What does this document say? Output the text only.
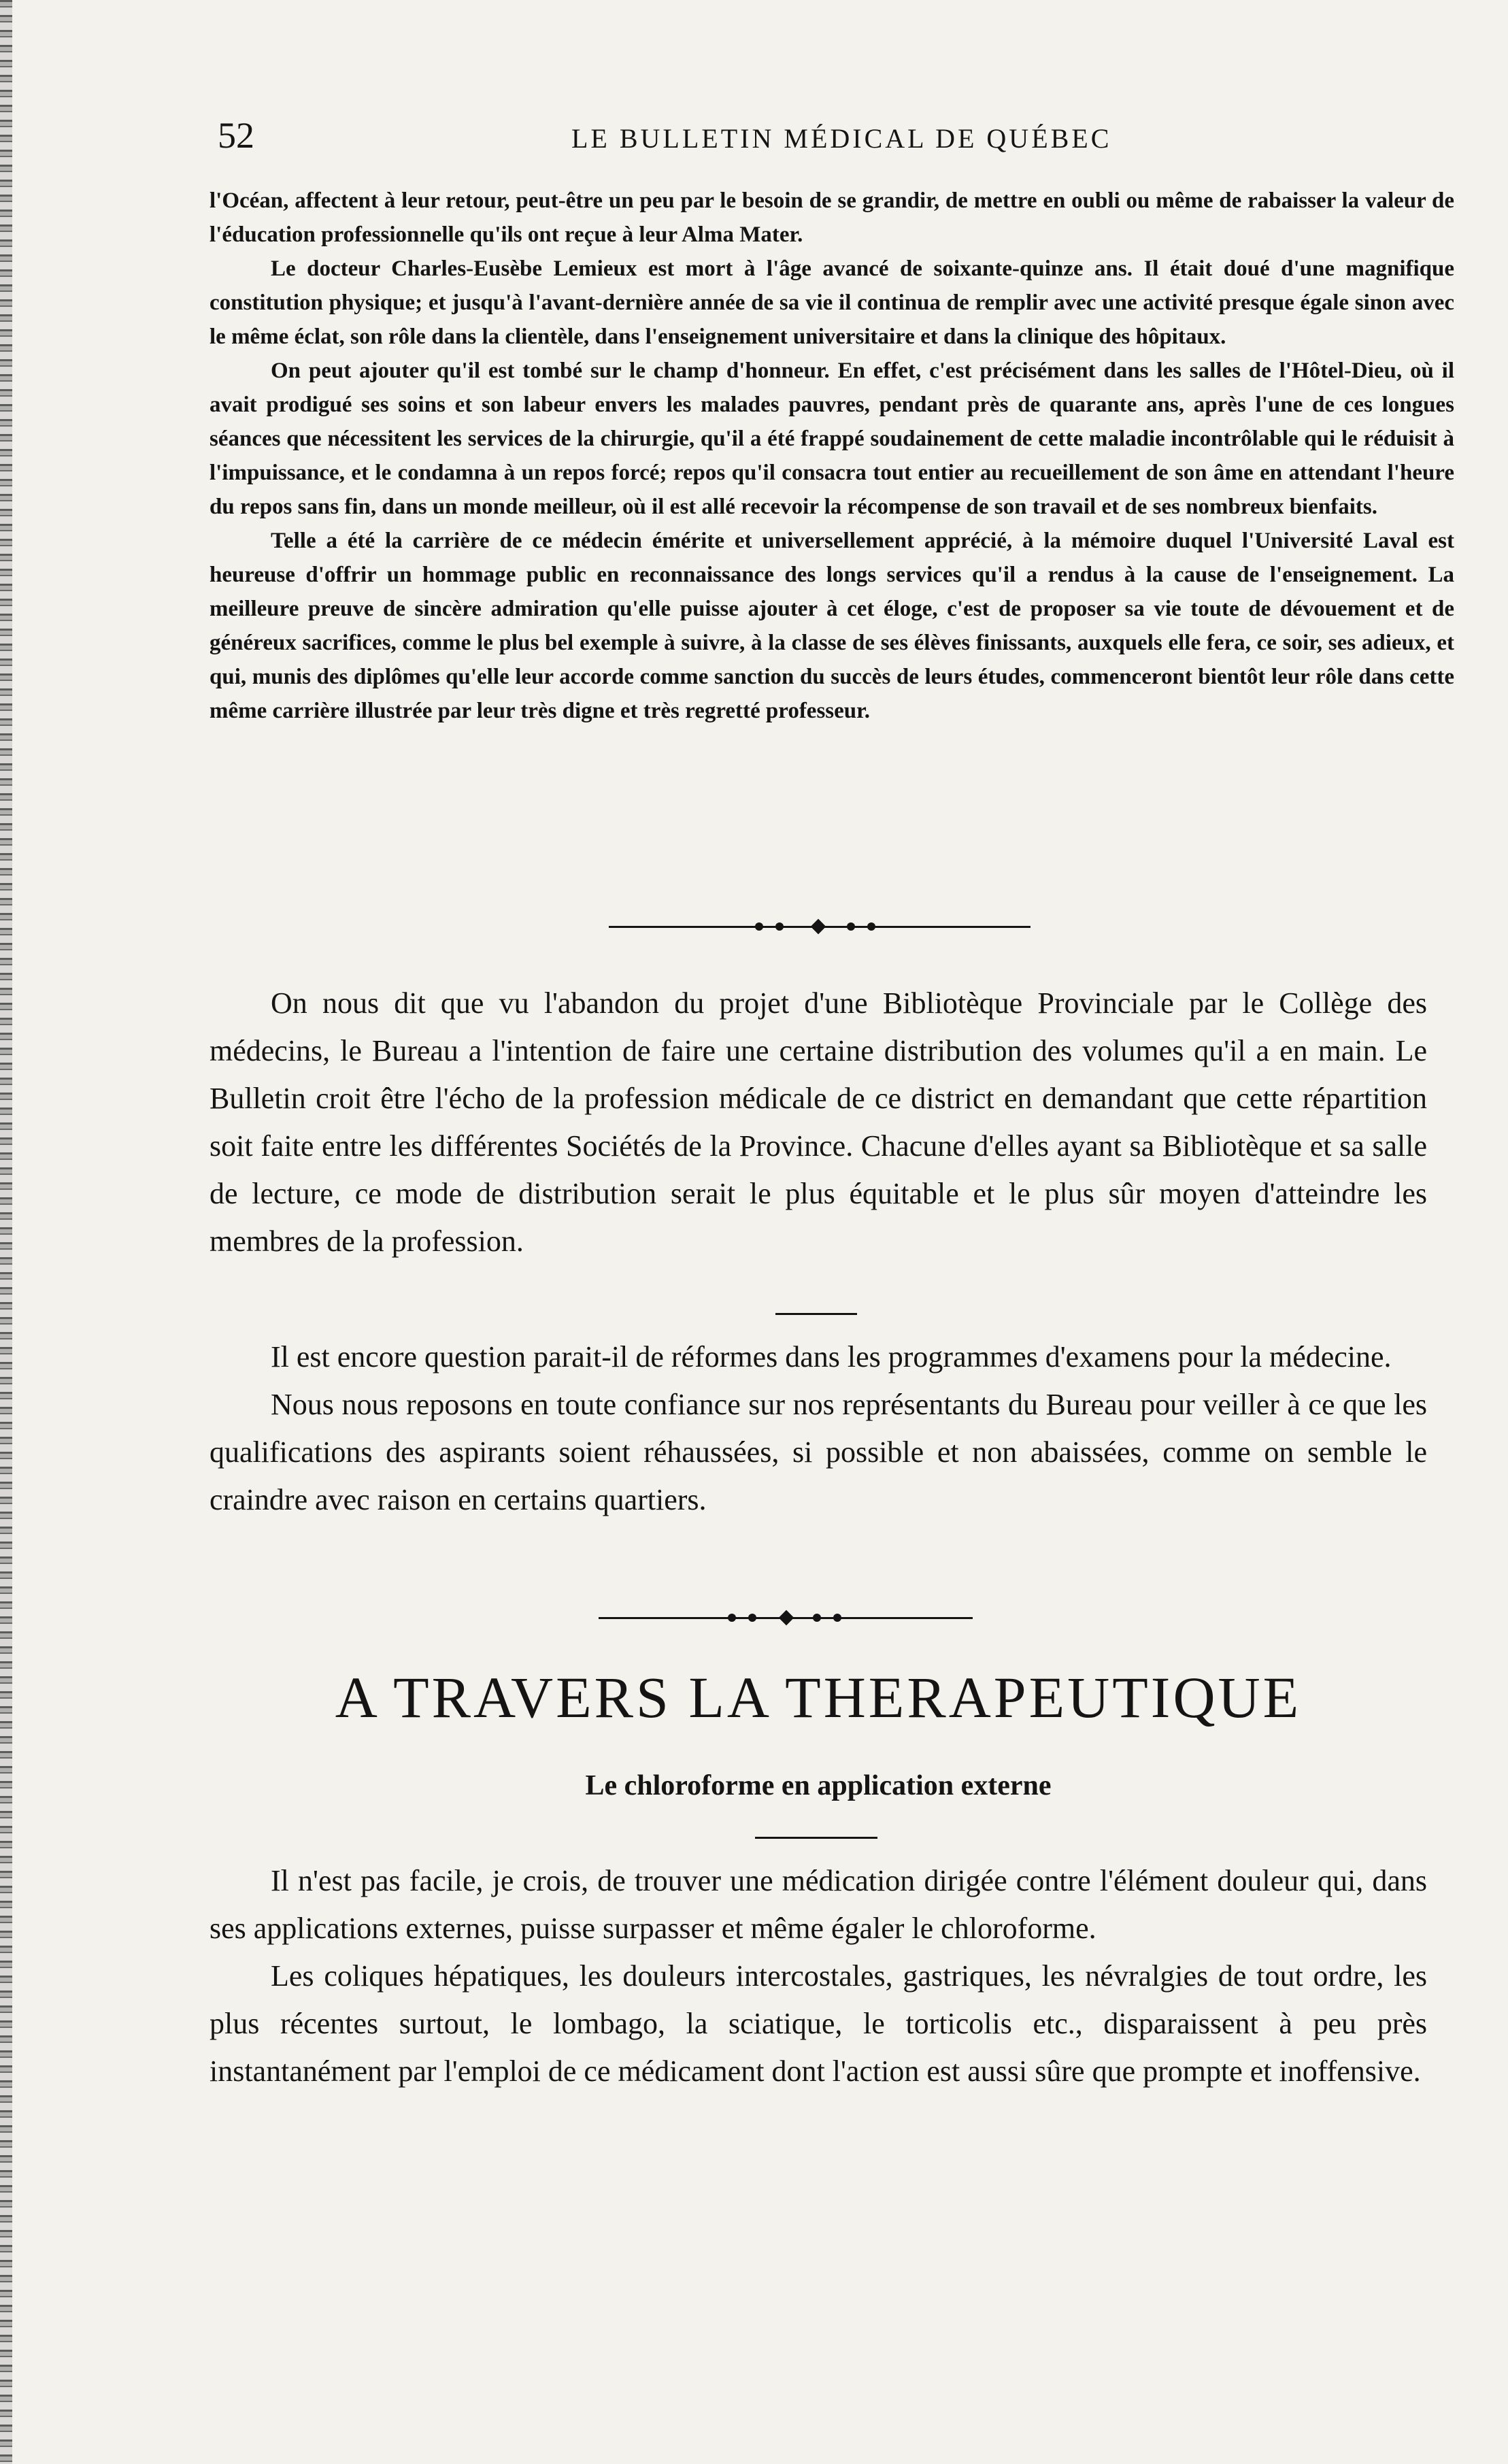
52	LE BULLETIN MÉDICAL DE QUÉBEC

l'Océan, affectent à leur retour, peut-être un peu par le besoin de se grandir, de mettre en oubli ou même de rabaisser la valeur de l'éducation professionnelle qu'ils ont reçue à leur Alma Mater.

Le docteur Charles-Eusèbe Lemieux est mort à l'âge avancé de soixante-quinze ans. Il était doué d'une magnifique constitution physique; et jusqu'à l'avant-dernière année de sa vie il continua de remplir avec une activité presque égale sinon avec le même éclat, son rôle dans la clientèle, dans l'enseignement universitaire et dans la clinique des hôpitaux.

On peut ajouter qu'il est tombé sur le champ d'honneur. En effet, c'est précisément dans les salles de l'Hôtel-Dieu, où il avait prodigué ses soins et son labeur envers les malades pauvres, pendant près de quarante ans, après l'une de ces longues séances que nécessitent les services de la chirurgie, qu'il a été frappé soudainement de cette maladie incontrôlable qui le réduisit à l'impuissance, et le condamna à un repos forcé; repos qu'il consacra tout entier au recueillement de son âme en attendant l'heure du repos sans fin, dans un monde meilleur, où il est allé recevoir la récompense de son travail et de ses nombreux bienfaits.

Telle a été la carrière de ce médecin émérite et universellement apprécié, à la mémoire duquel l'Université Laval est heureuse d'offrir un hommage public en reconnaissance des longs services qu'il a rendus à la cause de l'enseignement. La meilleure preuve de sincère admiration qu'elle puisse ajouter à cet éloge, c'est de proposer sa vie toute de dévouement et de généreux sacrifices, comme le plus bel exemple à suivre, à la classe de ses élèves finissants, auxquels elle fera, ce soir, ses adieux, et qui, munis des diplômes qu'elle leur accorde comme sanction du succès de leurs études, commenceront bientôt leur rôle dans cette même carrière illustrée par leur très digne et très regretté professeur.

On nous dit que vu l'abandon du projet d'une Bibliotèque Provinciale par le Collège des médecins, le Bureau a l'intention de faire une certaine distribution des volumes qu'il a en main. Le Bulletin croit être l'écho de la profession médicale de ce district en demandant que cette répartition soit faite entre les différentes Sociétés de la Province. Chacune d'elles ayant sa Bibliotèque et sa salle de lecture, ce mode de distribution serait le plus équitable et le plus sûr moyen d'atteindre les membres de la profession.

Il est encore question parait-il de réformes dans les programmes d'examens pour la médecine.

Nous nous reposons en toute confiance sur nos représentants du Bureau pour veiller à ce que les qualifications des aspirants soient réhaussées, si possible et non abaissées, comme on semble le craindre avec raison en certains quartiers.

A TRAVERS LA THERAPEUTIQUE
Le chloroforme en application externe

Il n'est pas facile, je crois, de trouver une médication dirigée contre l'élément douleur qui, dans ses applications externes, puisse surpasser et même égaler le chloroforme.

Les coliques hépatiques, les douleurs intercostales, gastriques, les névralgies de tout ordre, les plus récentes surtout, le lombago, la sciatique, le torticolis etc., disparaissent à peu près instantanément par l'emploi de ce médicament dont l'action est aussi sûre que prompte et inoffensive.
